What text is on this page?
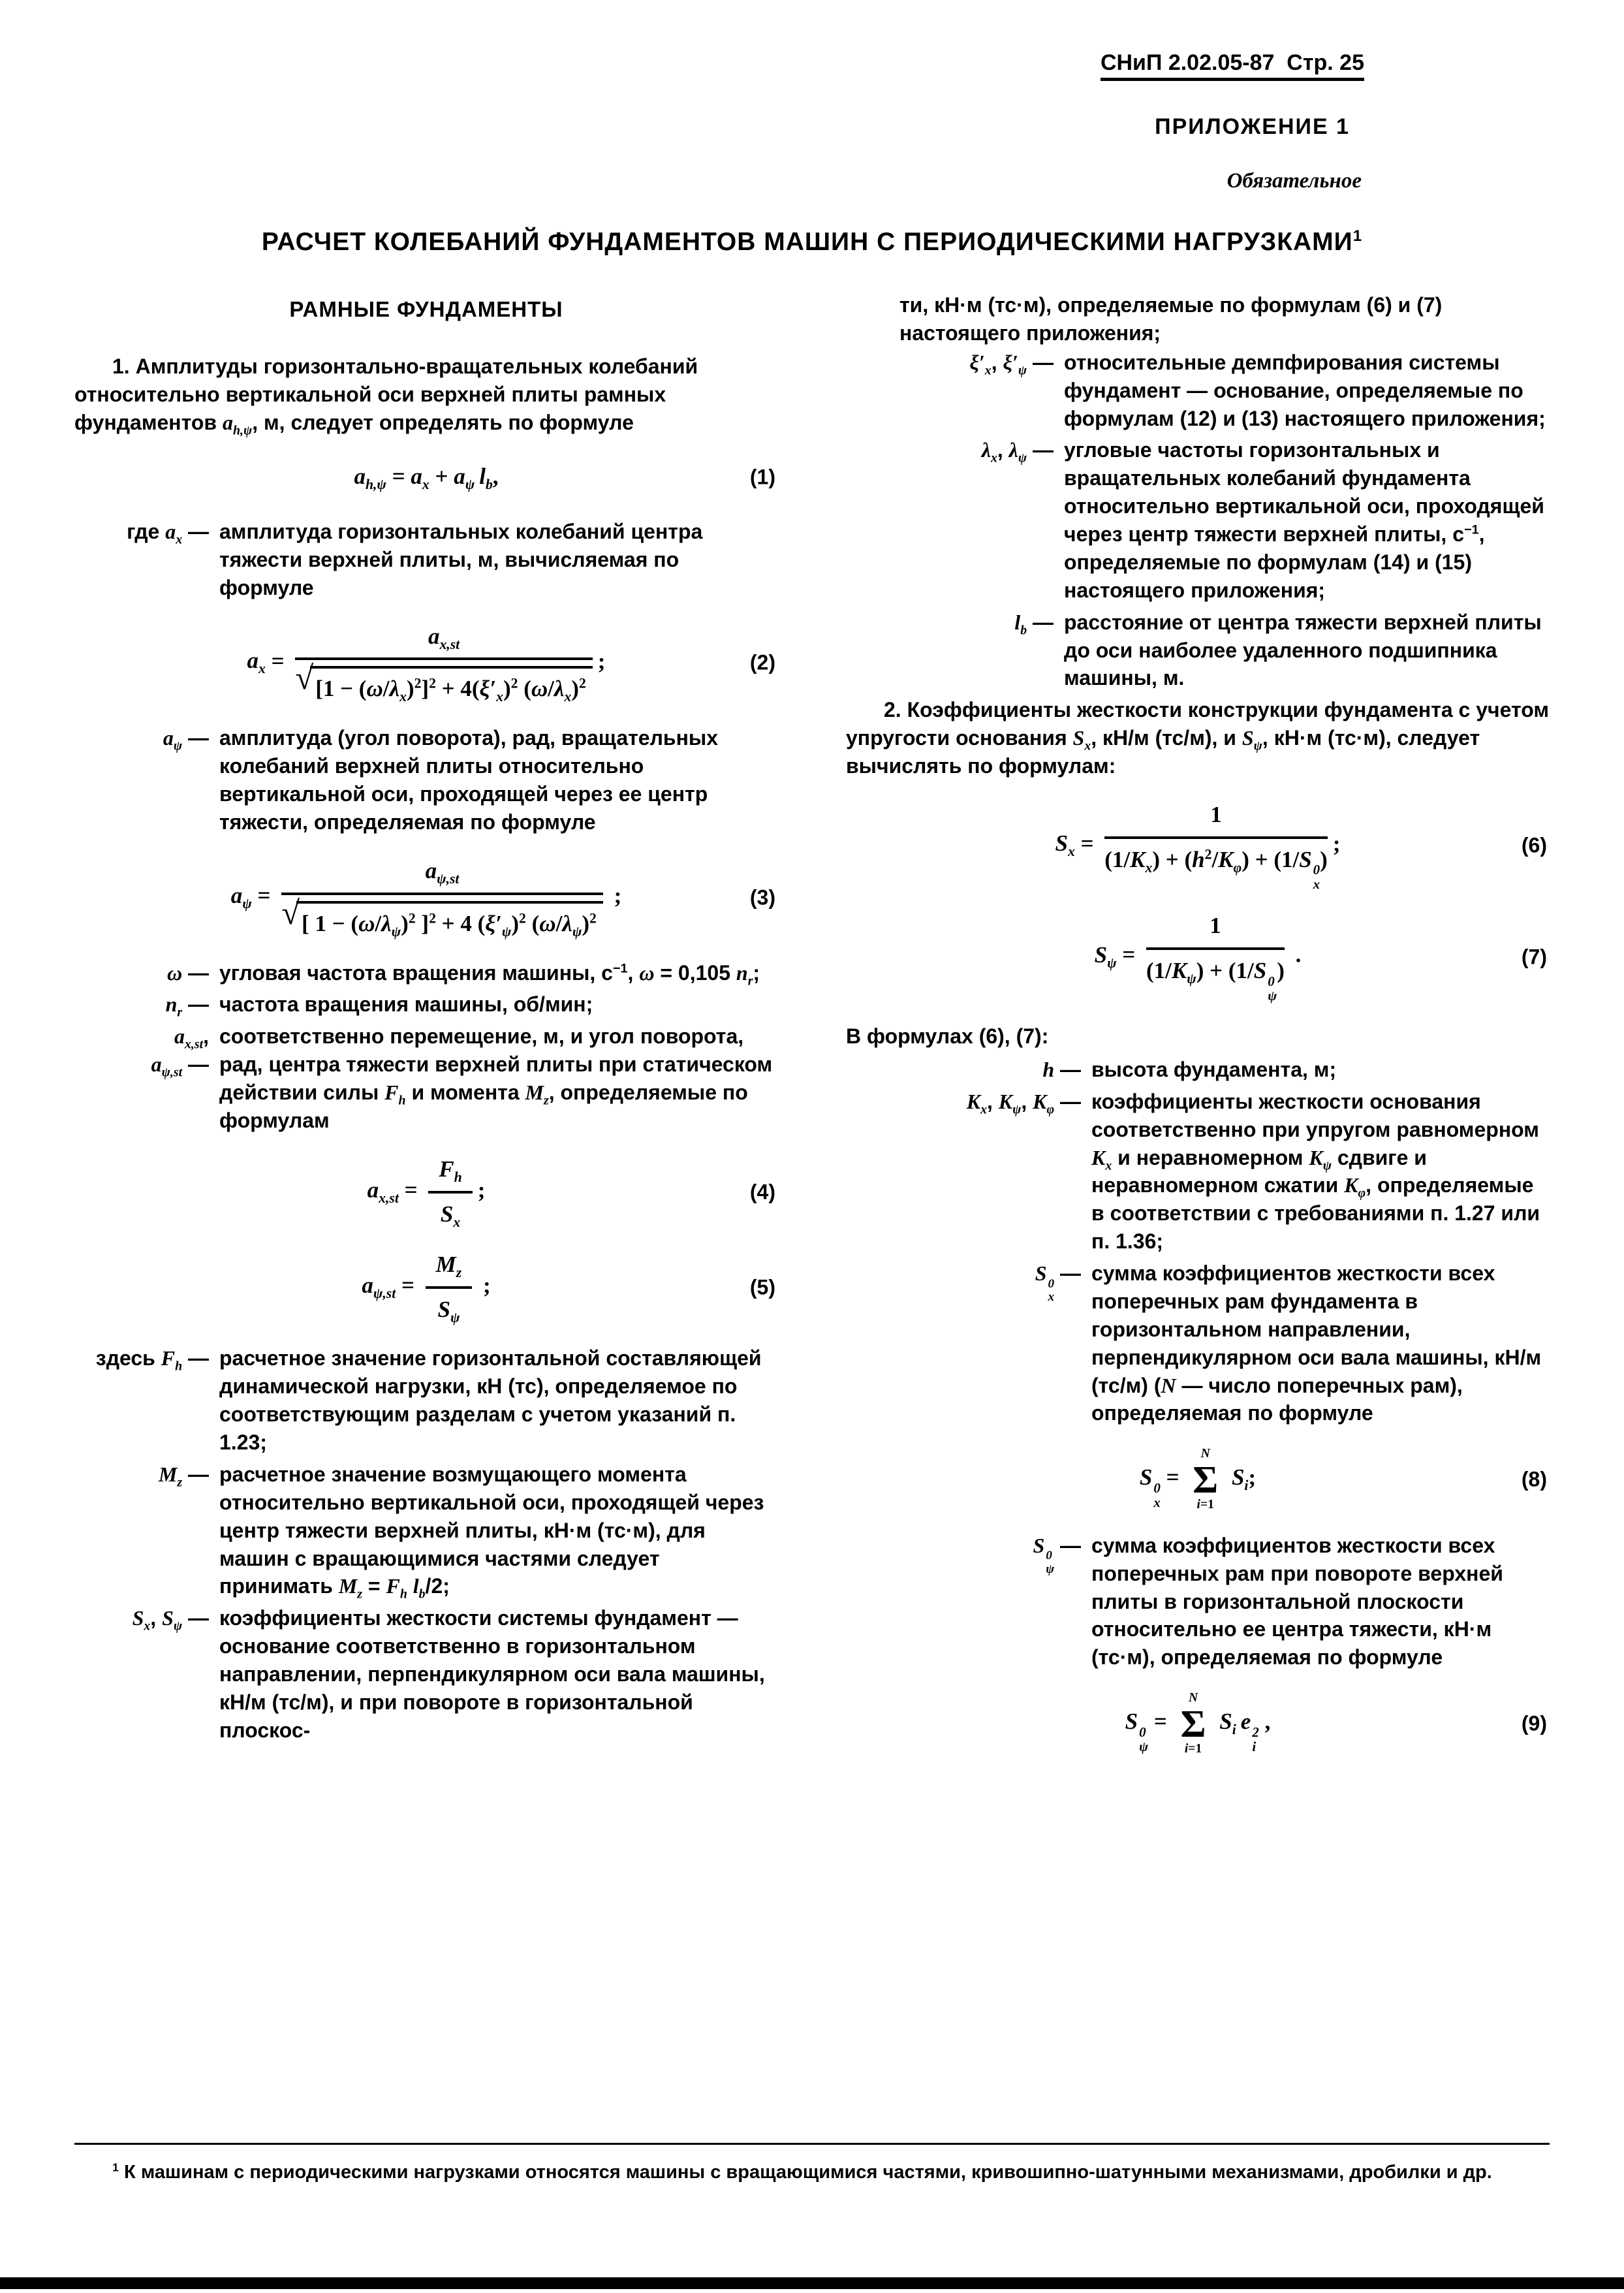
СНиП 2.02.05-87  Стр. 25
ПРИЛОЖЕНИЕ 1
Обязательное
РАСЧЕТ КОЛЕБАНИЙ ФУНДАМЕНТОВ МАШИН С ПЕРИОДИЧЕСКИМИ НАГРУЗКАМИ$^1$
РАМНЫЕ ФУНДАМЕНТЫ

1. Амплитуды горизонтально-вращательных колебаний относительно вертикальной оси верхней плиты рамных фундаментов $a_{h,\psi}$, м, следует определять по формуле

$a_{h,\psi} = a_x + a_\psi$  $l_b$,	(1)
где $a_x$ — амплитуда горизонтальных колебаний центра тяжести верхней плиты, м, вычисляемая по формуле
$a_x = \frac{a_{x,st}}{√ [1 - (\omega/\lambda_x)^2]^2 + 4(\xi'_x)^2 (\omega/\lambda_x)^2}$ ;	(2)
$a_\psi$ — амплитуда (угол поворота), рад, вращательных колебаний верхней плиты относительно вертикальной оси, проходящей через ее центр тяжести, определяемая по формуле
$a_\psi = \frac{a_{\psi,st}}{√ [ 1 - (\omega/\lambda_\psi)^2 ]^2 + 4 (\xi'_\psi)^2 (\omega/\lambda_\psi)^2}$ ;	(3)
ω — угловая частота вращения машины, $с^{-1}$, ω = 0,105 $n_r$;
$n_r$ — частота вращения машины, об/мин;
$a_{x,st}$,
$a_{\psi,st}$ —
соответственно перемещение, м, и угол поворота, рад, центра тяжести верхней плиты при статическом действии силы $F_h$ и момента $M_z$, определяемые по формулам
$a_{x,st} = \frac{F_h}{S_x}$ ;	(4)
$a_{\psi,st} = \frac{M_z}{S_\psi}$ ;	(5)
здесь $F_h$ — расчетное значение горизонтальной составляющей динамической нагрузки, кН (тс), определяемое по соответствующим разделам с учетом указаний п. 1.23;
$M_z$ — расчетное значение возмущающего момента относительно вертикальной оси, проходящей через центр тяжести верхней плиты, кН·м (тс·м), для машин с вращающимися частями следует принимать $M_z = F_h$ $l_b/2$;
$S_x$, $S_\psi$ — коэффициенты жесткости системы фундамент — основание соответственно в горизонтальном направлении, перпендикулярном оси вала машины, кН/м (тс/м), и при повороте в горизонтальной плоскос-

ти, кН·м (тс·м), определяемые по формулам (6) и (7) настоящего приложения;

$\xi'_x$, $\xi'_\psi$ — относительные демпфирования системы фундамент — основание, определяемые по формулам (12) и (13) настоящего приложения;
$\lambda_x$, $\lambda_\psi$ — угловые частоты горизонтальных и вращательных колебаний фундамента относительно вертикальной оси, проходящей через центр тяжести верхней плиты, $с^{-1}$, определяемые по формулам (14) и (15) настоящего приложения;
$l_b$ — расстояние от центра тяжести верхней плиты до оси наиболее удаленного подшипника машины, м.

2. Коэффициенты жесткости конструкции фундамента с учетом упругости основания $S_x$, кН/м (тс/м), и $S_\psi$, кН·м (тс·м), следует вычислять по формулам:

$S_x = 1$
$(1/K_x) + (h^2/K_\varphi) + (1/S$ 0
x
) ;	(6)
$S_\psi = 1$
$(1/K_\psi) + (1/S$ 0
ψ
) .	(7)

В формулах (6), (7):

h — высота фундамента, м;
$K_x$, $K_\psi$, $K_\varphi$ — коэффициенты жесткости основания соответственно при упругом равномерном $K_x$ и неравномерном $K_\psi$ сдвиге и неравномерном сжатии $K_\varphi$, определяемые в соответствии с требованиями п. 1.27 или п. 1.36;
S 0
x
— сумма коэффициентов жесткости всех поперечных рам фундамента в горизонтальном направлении, перпендикулярном оси вала машины, кН/м (тс/м) (N — число поперечных рам), определяемая по формуле
S 0
x
=
N
Σ
i=1
$S_i$;	(8)
S 0
ψ
— сумма коэффициентов жесткости всех поперечных рам при повороте верхней плиты в горизонтальной плоскости относительно ее центра тяжести, кН·м (тс·м), определяемая по формуле
S 0
ψ
=
N
Σ
i=1
$S_i$  e 2
i
,	(9)

$^1$ К машинам с периодическими нагрузками относятся машины с вращающимися частями, кривошипно-шатунными механизмами, дробилки и др.
